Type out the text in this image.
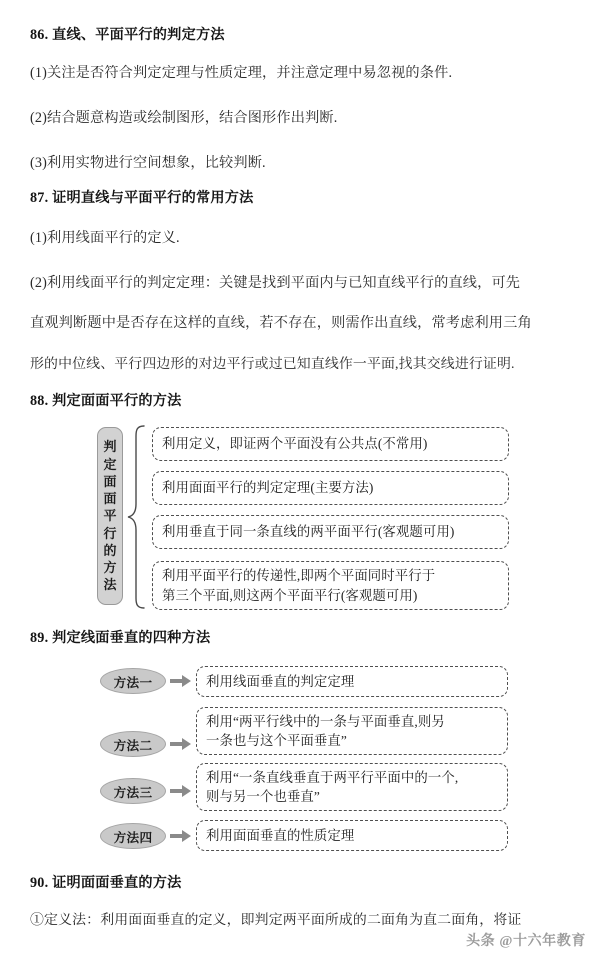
86. 直线、平面平行的判定方法
(1)关注是否符合判定定理与性质定理，并注意定理中易忽视的条件.
(2)结合题意构造或绘制图形，结合图形作出判断.
(3)利用实物进行空间想象，比较判断.
87. 证明直线与平面平行的常用方法
(1)利用线面平行的定义.
(2)利用线面平行的判定定理：关键是找到平面内与已知直线平行的直线，可先
直观判断题中是否存在这样的直线，若不存在，则需作出直线，常考虑利用三角
形的中位线、平行四边形的对边平行或过已知直线作一平面,找其交线进行证明.
88. 判定面面平行的方法
判
定
面
面
平
行
的
方
法
利用定义，即证两个平面没有公共点(不常用)
利用面面平行的判定定理(主要方法)
利用垂直于同一条直线的两平面平行(客观题可用)
利用平面平行的传递性,即两个平面同时平行于
第三个平面,则这两个平面平行(客观题可用)
89. 判定线面垂直的四种方法
方法一	利用线面垂直的判定定理
方法二
利用“两平行线中的一条与平面垂直,则另
一条也与这个平面垂直”
方法三
利用“一条直线垂直于两平行平面中的一个,
则与另一个也垂直”
方法四	利用面面垂直的性质定理
90. 证明面面垂直的方法
①定义法：利用面面垂直的定义，即判定两平面所成的二面角为直二面角，将证
头条 @十六年教育
